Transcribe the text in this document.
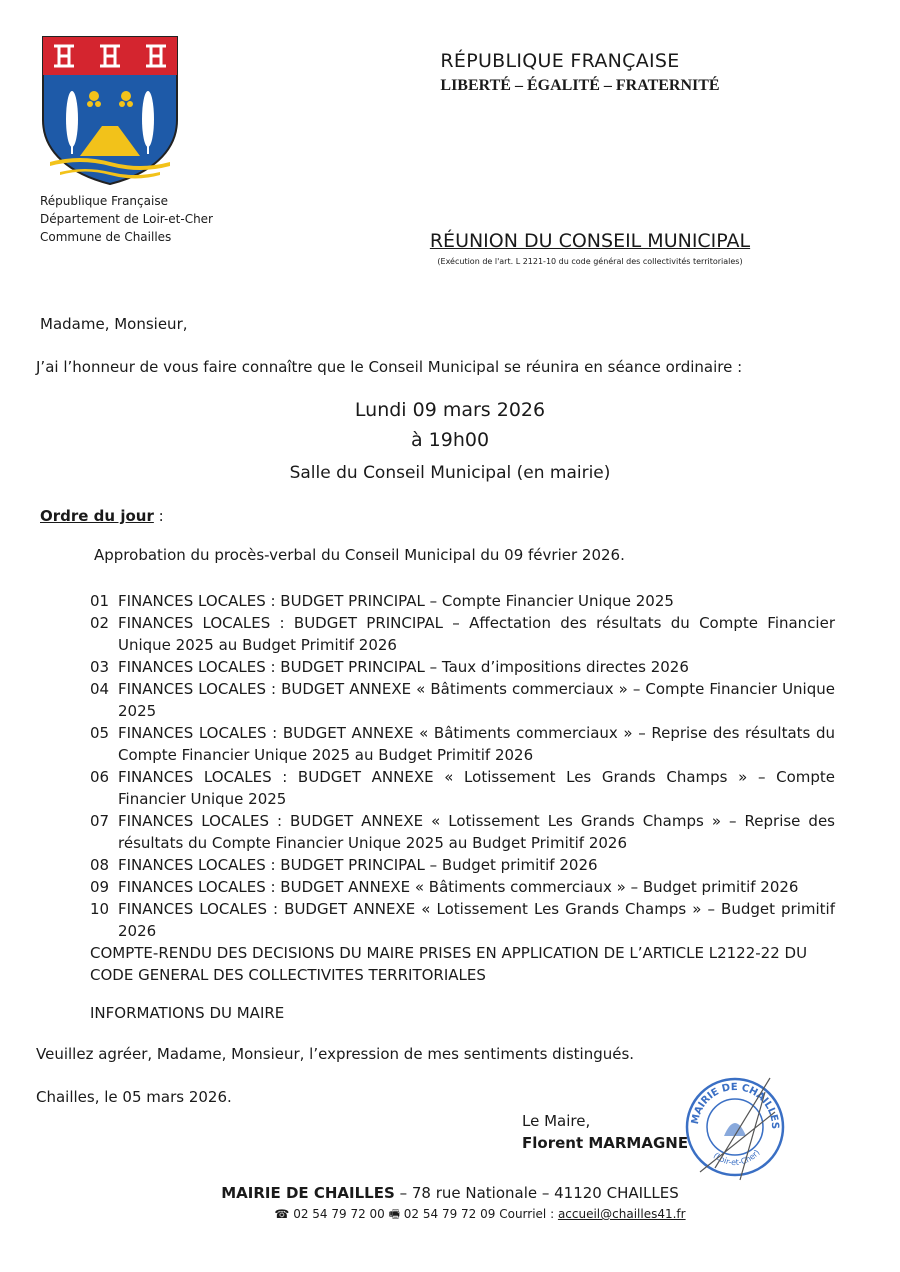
République Française
Département de Loir-et-Cher
Commune de Chailles
RÉPUBLIQUE FRANÇAISE
LIBERTÉ – ÉGALITÉ – FRATERNITÉ
RÉUNION DU CONSEIL MUNICIPAL
(Exécution de l'art. L 2121-10 du code général des collectivités territoriales)
Madame, Monsieur,
J’ai l’honneur de vous faire connaître que le Conseil Municipal se réunira en séance ordinaire :
Lundi 09 mars 2026
à 19h00
Salle du Conseil Municipal (en mairie)
Ordre du jour :
Approbation du procès-verbal du Conseil Municipal du 09 février 2026.
01 FINANCES LOCALES : BUDGET PRINCIPAL – Compte Financier Unique 2025
02 FINANCES LOCALES : BUDGET PRINCIPAL – Affectation des résultats du Compte Financier Unique 2025 au Budget Primitif 2026
03 FINANCES LOCALES : BUDGET PRINCIPAL – Taux d’impositions directes 2026
04 FINANCES LOCALES : BUDGET ANNEXE « Bâtiments commerciaux » – Compte Financier Unique 2025
05 FINANCES LOCALES : BUDGET ANNEXE « Bâtiments commerciaux » – Reprise des résultats du Compte Financier Unique 2025 au Budget Primitif 2026
06 FINANCES LOCALES : BUDGET ANNEXE « Lotissement Les Grands Champs » – Compte Financier Unique 2025
07 FINANCES LOCALES : BUDGET ANNEXE « Lotissement Les Grands Champs » – Reprise des résultats du Compte Financier Unique 2025 au Budget Primitif 2026
08 FINANCES LOCALES : BUDGET PRINCIPAL – Budget primitif 2026
09 FINANCES LOCALES : BUDGET ANNEXE « Bâtiments commerciaux » – Budget primitif 2026
10 FINANCES LOCALES : BUDGET ANNEXE « Lotissement Les Grands Champs » – Budget primitif 2026
COMPTE-RENDU DES DECISIONS DU MAIRE PRISES EN APPLICATION DE L’ARTICLE L2122-22 DU CODE GENERAL DES COLLECTIVITES TERRITORIALES
INFORMATIONS DU MAIRE
Veuillez agréer, Madame, Monsieur, l’expression de mes sentiments distingués.
Chailles, le 05 mars 2026.
MAIRIE DE CHAILLES
(Loir-et-Cher)
Le Maire,
Florent MARMAGNE
MAIRIE DE CHAILLES – 78 rue Nationale – 41120 CHAILLES
☎ 02 54 79 72 00 🖷 02 54 79 72 09 Courriel : accueil@chailles41.fr
